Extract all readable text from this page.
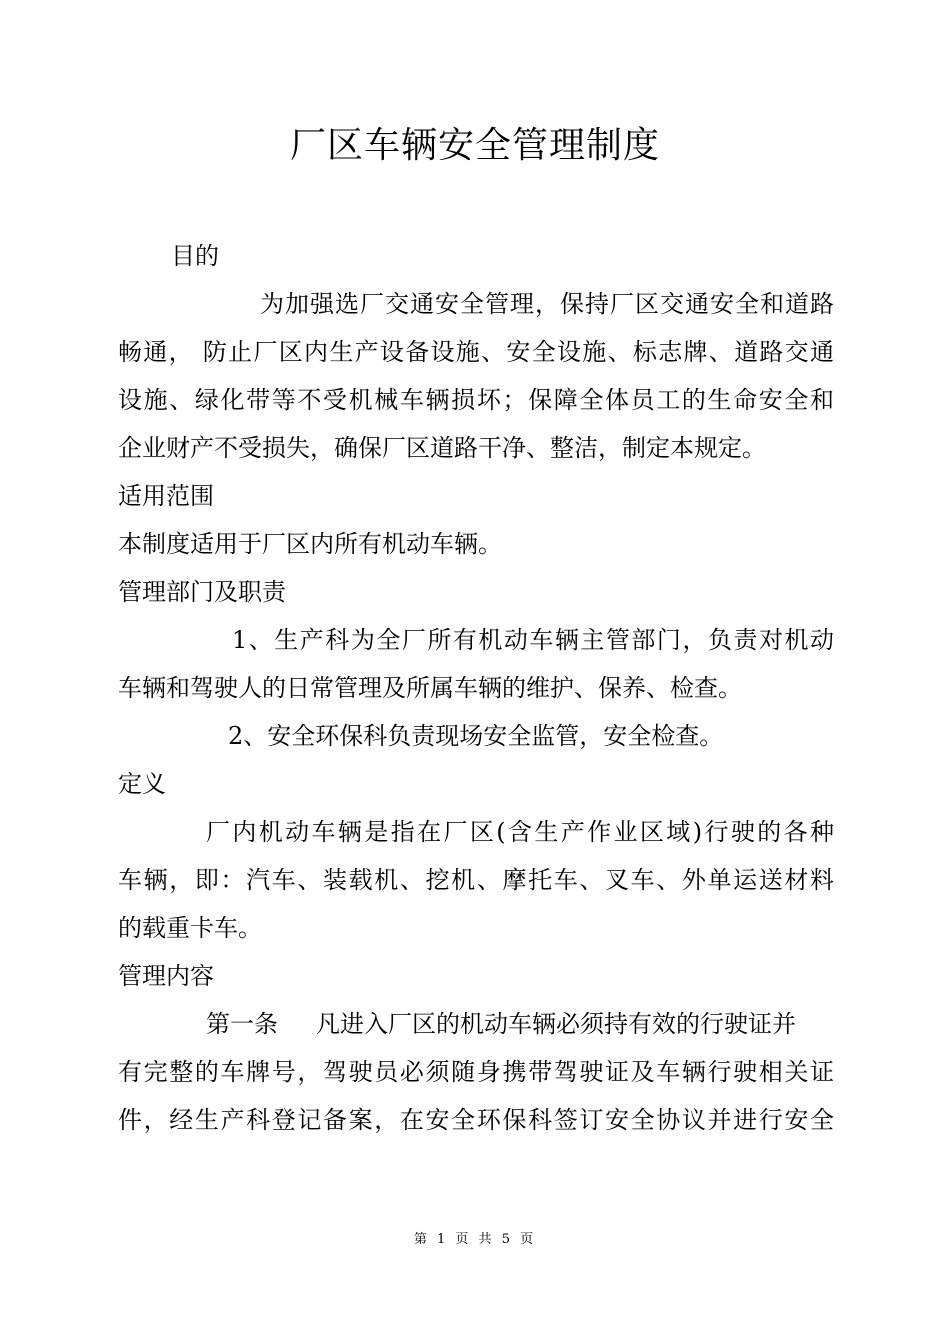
厂区车辆安全管理制度

目的

为加强选厂交通安全管理，保持厂区交通安全和道路

畅通， 防止厂区内生产设备设施、安全设施、标志牌、道路交通

设施、绿化带等不受机械车辆损坏；保障全体员工的生命安全和

企业财产不受损失，确保厂区道路干净、整洁，制定本规定。

适用范围

本制度适用于厂区内所有机动车辆。

管理部门及职责

1、生产科为全厂所有机动车辆主管部门，负责对机动

车辆和驾驶人的日常管理及所属车辆的维护、保养、检查。

2、安全环保科负责现场安全监管，安全检查。

定义

厂内机动车辆是指在厂区(含生产作业区域)行驶的各种

车辆，即：汽车、装载机、挖机、摩托车、叉车、外单运送材料

的载重卡车。

管理内容

第一条 凡进入厂区的机动车辆必须持有效的行驶证并

有完整的车牌号，驾驶员必须随身携带驾驶证及车辆行驶相关证

件，经生产科登记备案，在安全环保科签订安全协议并进行安全

第 1 页 共 5 页
